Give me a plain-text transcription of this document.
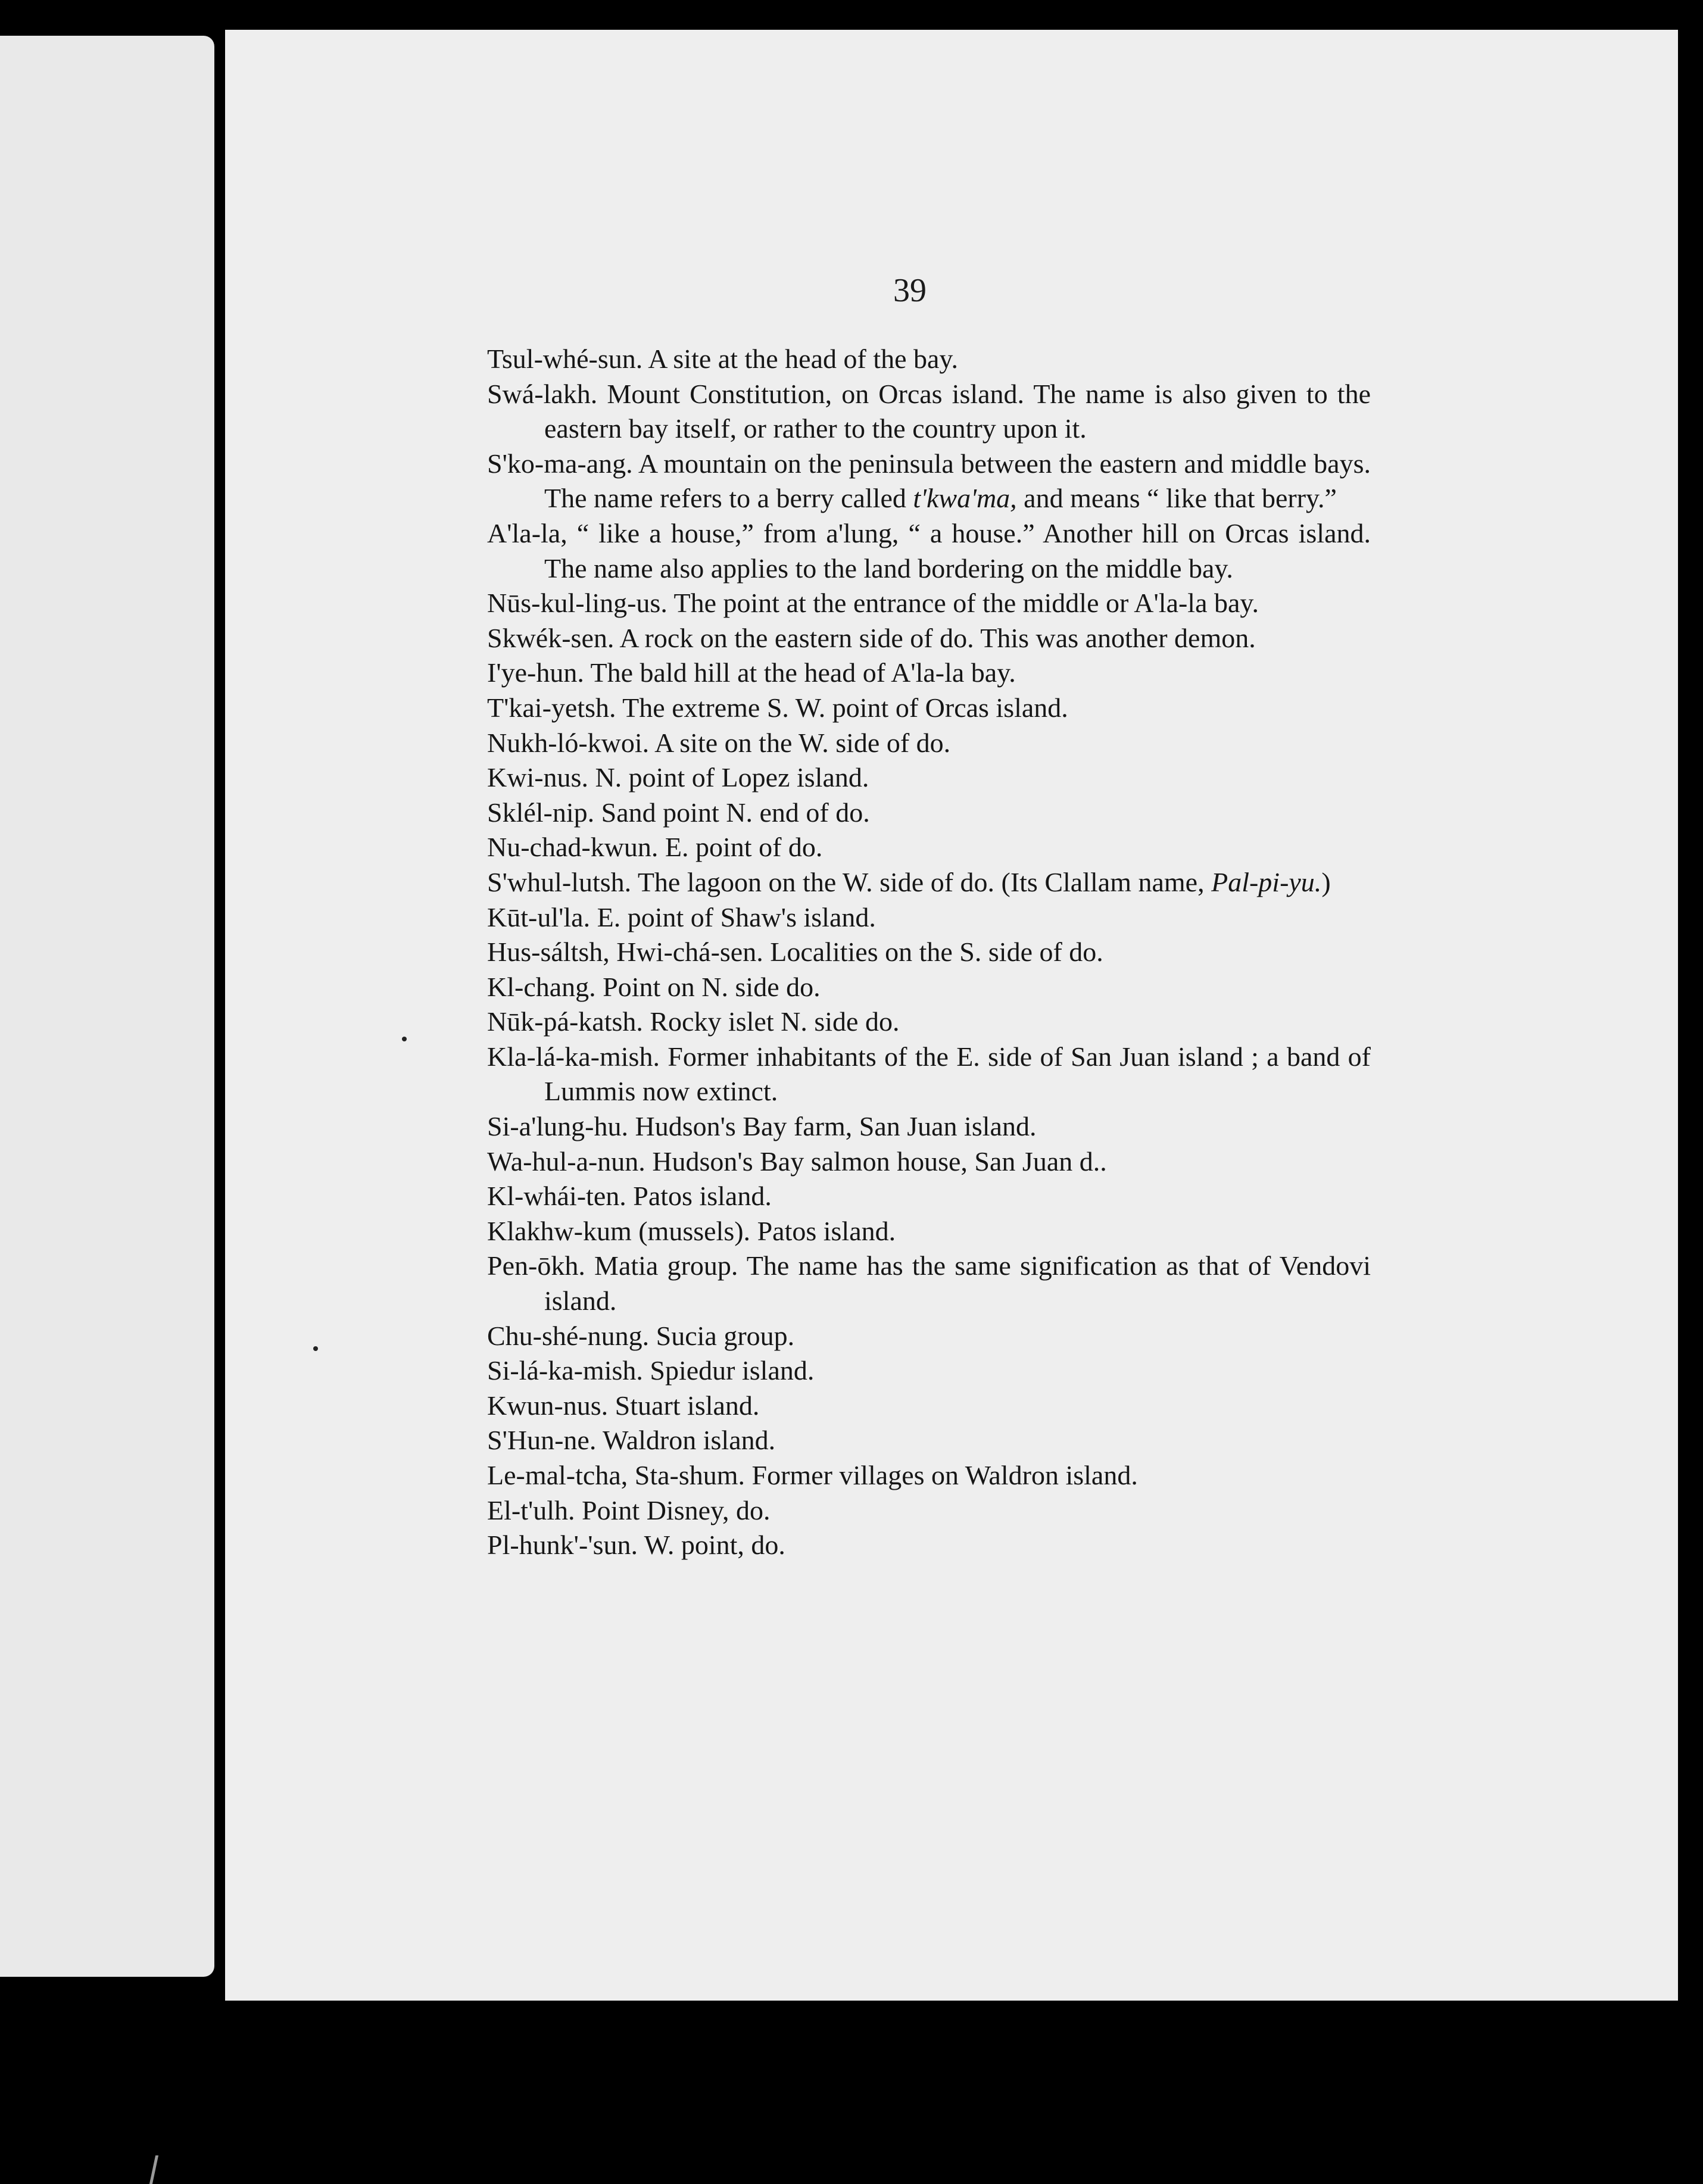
39
Tsul-whé-sun. A site at the head of the bay.
Swá-lakh. Mount Constitution, on Orcas island. The name is also given to the eastern bay itself, or rather to the country upon it.
S'ko-ma-ang. A mountain on the peninsula between the eastern and middle bays. The name refers to a berry called t'kwa'ma, and means “ like that berry.”
A'la-la, “ like a house,” from a'lung, “ a house.” Another hill on Orcas island. The name also applies to the land bordering on the middle bay.
Nūs-kul-ling-us. The point at the entrance of the middle or A'la-la bay.
Skwék-sen. A rock on the eastern side of do. This was another demon.
I'ye-hun. The bald hill at the head of A'la-la bay.
T'kai-yetsh. The extreme S. W. point of Orcas island.
Nukh-ló-kwoi. A site on the W. side of do.
Kwi-nus. N. point of Lopez island.
Sklél-nip. Sand point N. end of do.
Nu-chad-kwun. E. point of do.
S'whul-lutsh. The lagoon on the W. side of do. (Its Clallam name, Pal-pi-yu.)
Kūt-ul'la. E. point of Shaw's island.
Hus-sáltsh, Hwi-chá-sen. Localities on the S. side of do.
Kl-chang. Point on N. side do.
Nūk-pá-katsh. Rocky islet N. side do.
Kla-lá-ka-mish. Former inhabitants of the E. side of San Juan island ; a band of Lummis now extinct.
Si-a'lung-hu. Hudson's Bay farm, San Juan island.
Wa-hul-a-nun. Hudson's Bay salmon house, San Juan d..
Kl-whái-ten. Patos island.
Klakhw-kum (mussels). Patos island.
Pen-ōkh. Matia group. The name has the same signification as that of Vendovi island.
Chu-shé-nung. Sucia group.
Si-lá-ka-mish. Spiedur island.
Kwun-nus. Stuart island.
S'Hun-ne. Waldron island.
Le-mal-tcha, Sta-shum. Former villages on Waldron island.
El-t'ulh. Point Disney, do.
Pl-hunk'-'sun. W. point, do.
